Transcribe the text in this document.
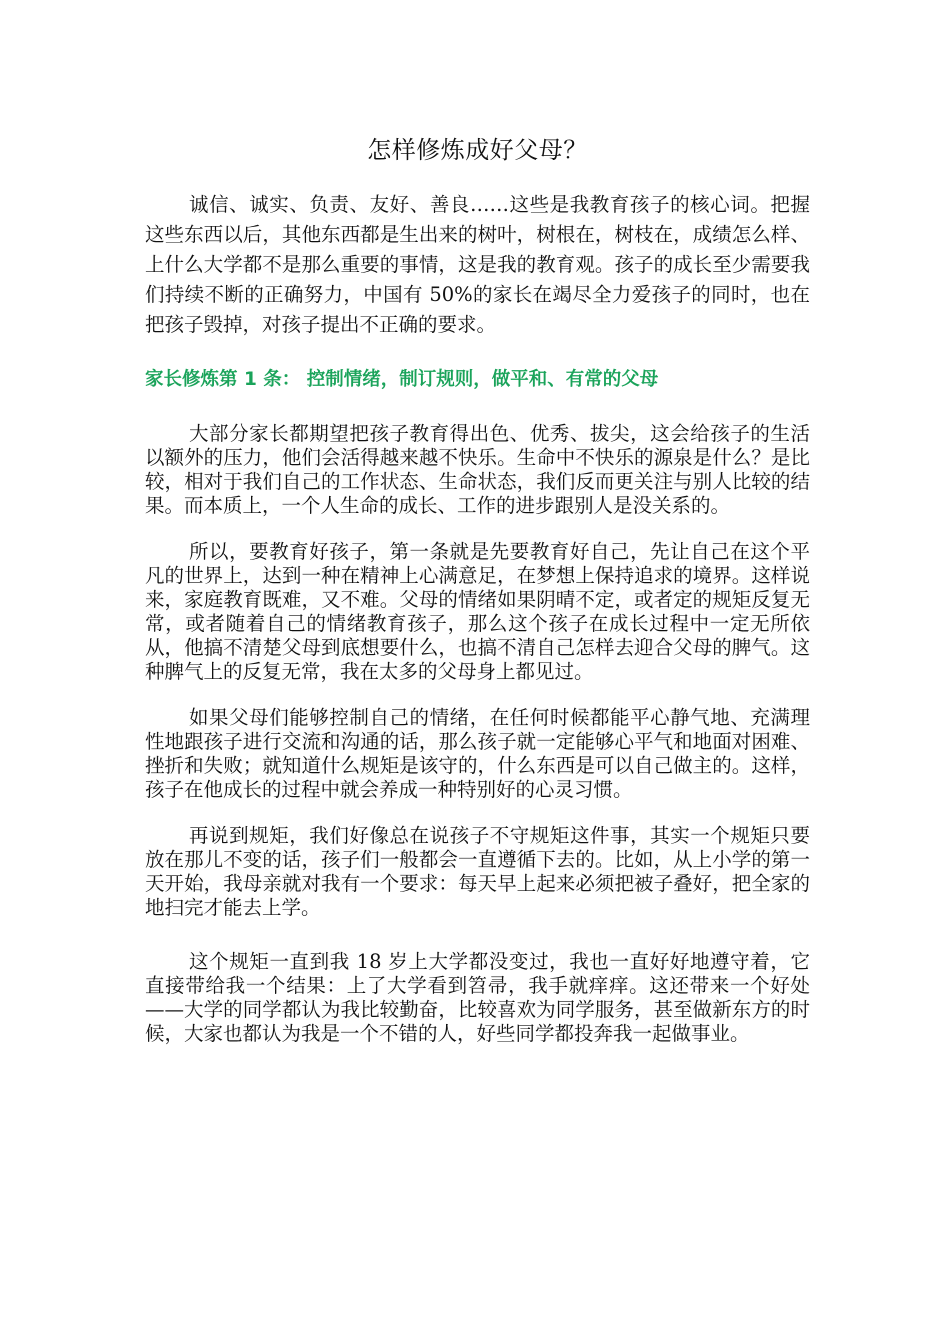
怎样修炼成好父母？

诚信、诚实、负责、友好、善良……这些是我教育孩子的核心词。把握这些东西以后，其他东西都是生出来的树叶，树根在，树枝在，成绩怎么样、上什么大学都不是那么重要的事情，这是我的教育观。孩子的成长至少需要我们持续不断的正确努力，中国有 50%的家长在竭尽全力爱孩子的同时，也在把孩子毁掉，对孩子提出不正确的要求。

家长修炼第 1 条： 控制情绪，制订规则，做平和、有常的父母

大部分家长都期望把孩子教育得出色、优秀、拔尖，这会给孩子的生活以额外的压力，他们会活得越来越不快乐。生命中不快乐的源泉是什么？是比较，相对于我们自己的工作状态、生命状态，我们反而更关注与别人比较的结果。而本质上，一个人生命的成长、工作的进步跟别人是没关系的。

所以，要教育好孩子，第一条就是先要教育好自己，先让自己在这个平凡的世界上，达到一种在精神上心满意足，在梦想上保持追求的境界。这样说来，家庭教育既难，又不难。父母的情绪如果阴晴不定，或者定的规矩反复无常，或者随着自己的情绪教育孩子，那么这个孩子在成长过程中一定无所依从，他搞不清楚父母到底想要什么，也搞不清自己怎样去迎合父母的脾气。这种脾气上的反复无常，我在太多的父母身上都见过。

如果父母们能够控制自己的情绪，在任何时候都能平心静气地、充满理性地跟孩子进行交流和沟通的话，那么孩子就一定能够心平气和地面对困难、挫折和失败；就知道什么规矩是该守的，什么东西是可以自己做主的。这样，孩子在他成长的过程中就会养成一种特别好的心灵习惯。

再说到规矩，我们好像总在说孩子不守规矩这件事，其实一个规矩只要放在那儿不变的话，孩子们一般都会一直遵循下去的。比如，从上小学的第一天开始，我母亲就对我有一个要求：每天早上起来必须把被子叠好，把全家的地扫完才能去上学。

这个规矩一直到我 18 岁上大学都没变过，我也一直好好地遵守着，它直接带给我一个结果：上了大学看到笤帚，我手就痒痒。这还带来一个好处——大学的同学都认为我比较勤奋，比较喜欢为同学服务，甚至做新东方的时候，大家也都认为我是一个不错的人，好些同学都投奔我一起做事业。
